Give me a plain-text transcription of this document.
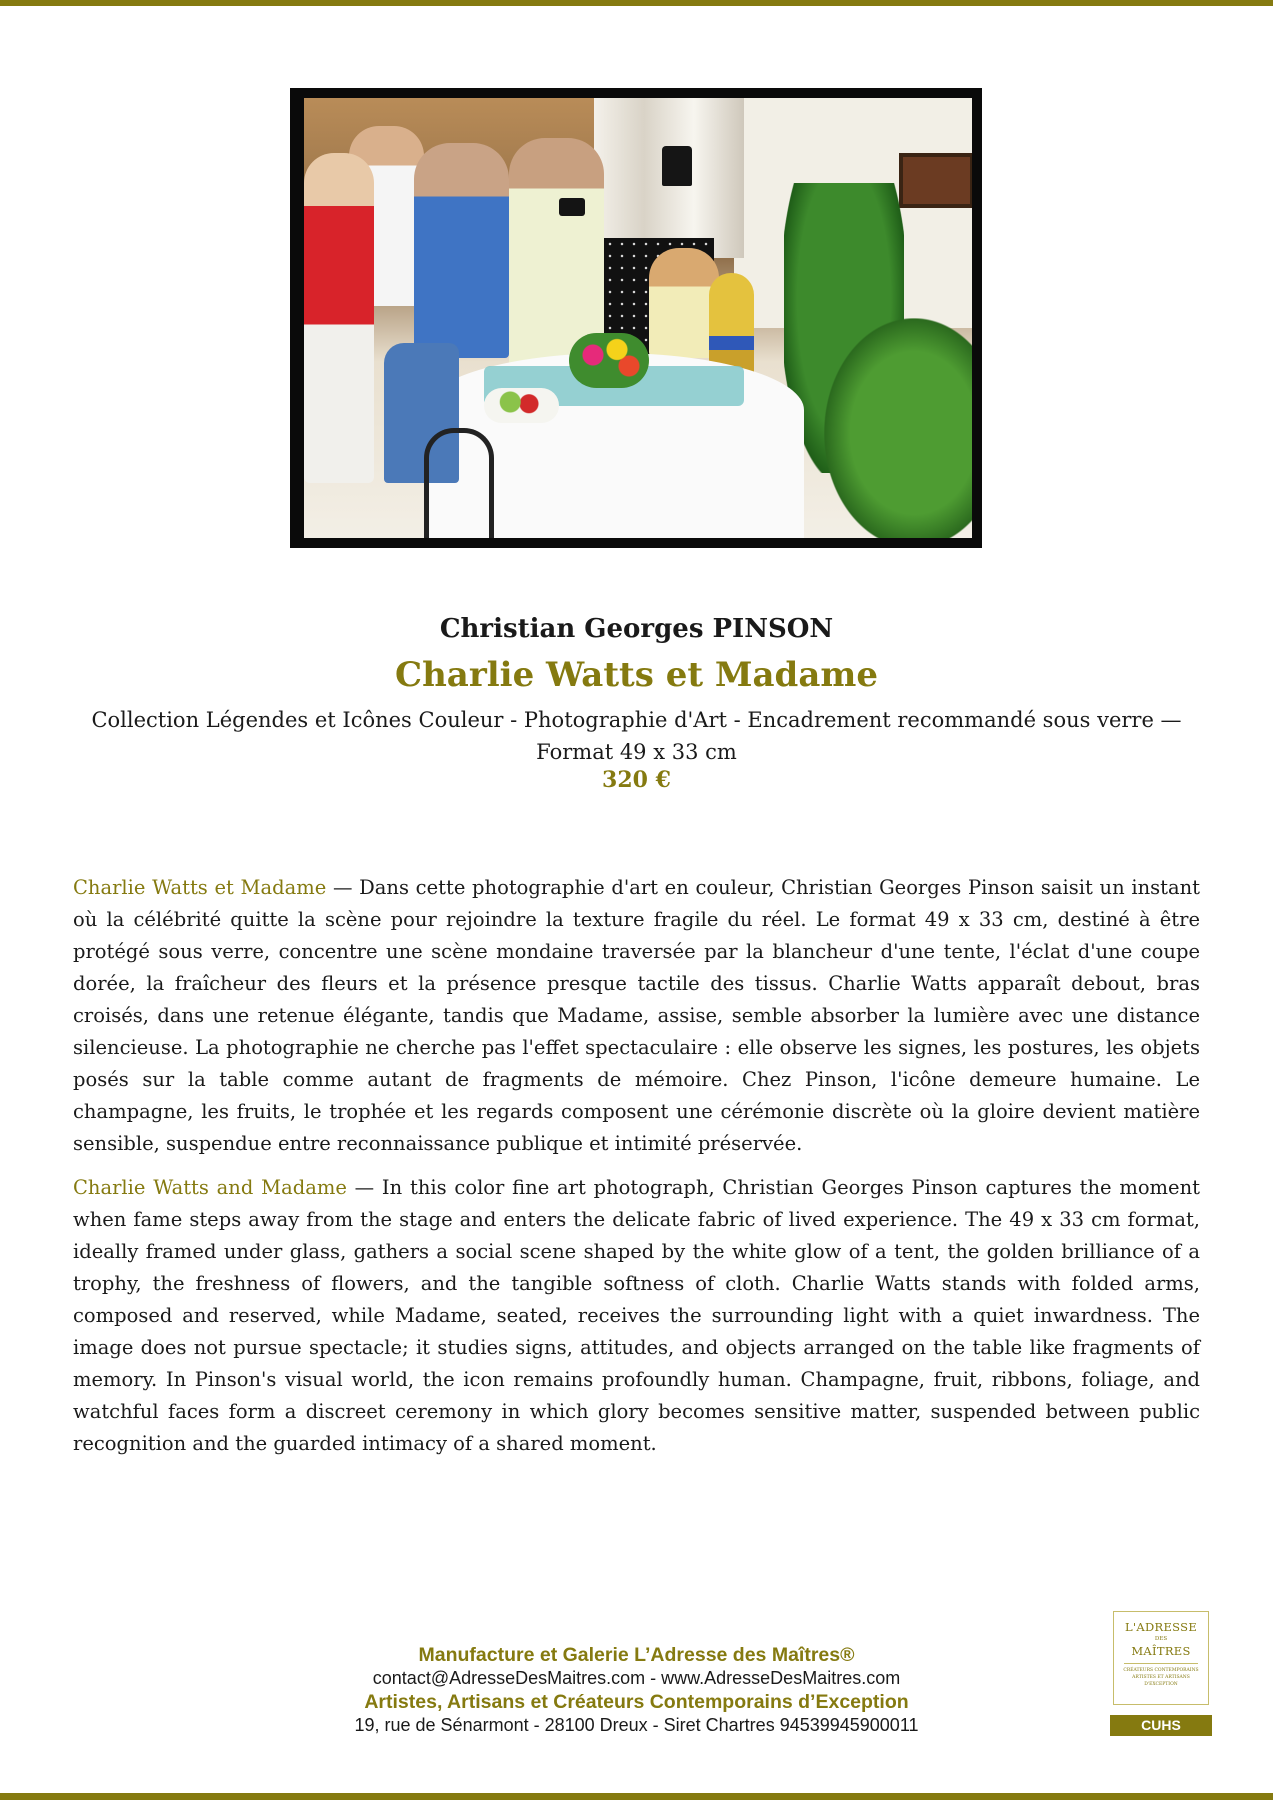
Christian Georges PINSON
Charlie Watts et Madame
Collection Légendes et Icônes Couleur - Photographie d'Art - Encadrement recommandé sous verre — Format 49 x 33 cm
320 €

Charlie Watts et Madame — Dans cette photographie d'art en couleur, Christian Georges Pinson saisit un instant où la célébrité quitte la scène pour rejoindre la texture fragile du réel. Le format 49 x 33 cm, destiné à être protégé sous verre, concentre une scène mondaine traversée par la blancheur d'une tente, l'éclat d'une coupe dorée, la fraîcheur des fleurs et la présence presque tactile des tissus. Charlie Watts apparaît debout, bras croisés, dans une retenue élégante, tandis que Madame, assise, semble absorber la lumière avec une distance silencieuse. La photographie ne cherche pas l'effet spectaculaire : elle observe les signes, les postures, les objets posés sur la table comme autant de fragments de mémoire. Chez Pinson, l'icône demeure humaine. Le champagne, les fruits, le trophée et les regards composent une cérémonie discrète où la gloire devient matière sensible, suspendue entre reconnaissance publique et intimité préservée.

Charlie Watts and Madame — In this color fine art photograph, Christian Georges Pinson captures the moment when fame steps away from the stage and enters the delicate fabric of lived experience. The 49 x 33 cm format, ideally framed under glass, gathers a social scene shaped by the white glow of a tent, the golden brilliance of a trophy, the freshness of flowers, and the tangible softness of cloth. Charlie Watts stands with folded arms, composed and reserved, while Madame, seated, receives the surrounding light with a quiet inwardness. The image does not pursue spectacle; it studies signs, attitudes, and objects arranged on the table like fragments of memory. In Pinson's visual world, the icon remains profoundly human. Champagne, fruit, ribbons, foliage, and watchful faces form a discreet ceremony in which glory becomes sensitive matter, suspended between public recognition and the guarded intimacy of a shared moment.

Manufacture et Galerie L’Adresse des Maîtres®
contact@AdresseDesMaitres.com - www.AdresseDesMaitres.com
Artistes, Artisans et Créateurs Contemporains d’Exception
19, rue de Sénarmont - 28100 Dreux - Siret Chartres 94539945900011
L'ADRESSE
DES
MAÎTRES
CRÉATEURS CONTEMPORAINS ARTISTES ET ARTISANS D'EXCEPTION
CUHS
